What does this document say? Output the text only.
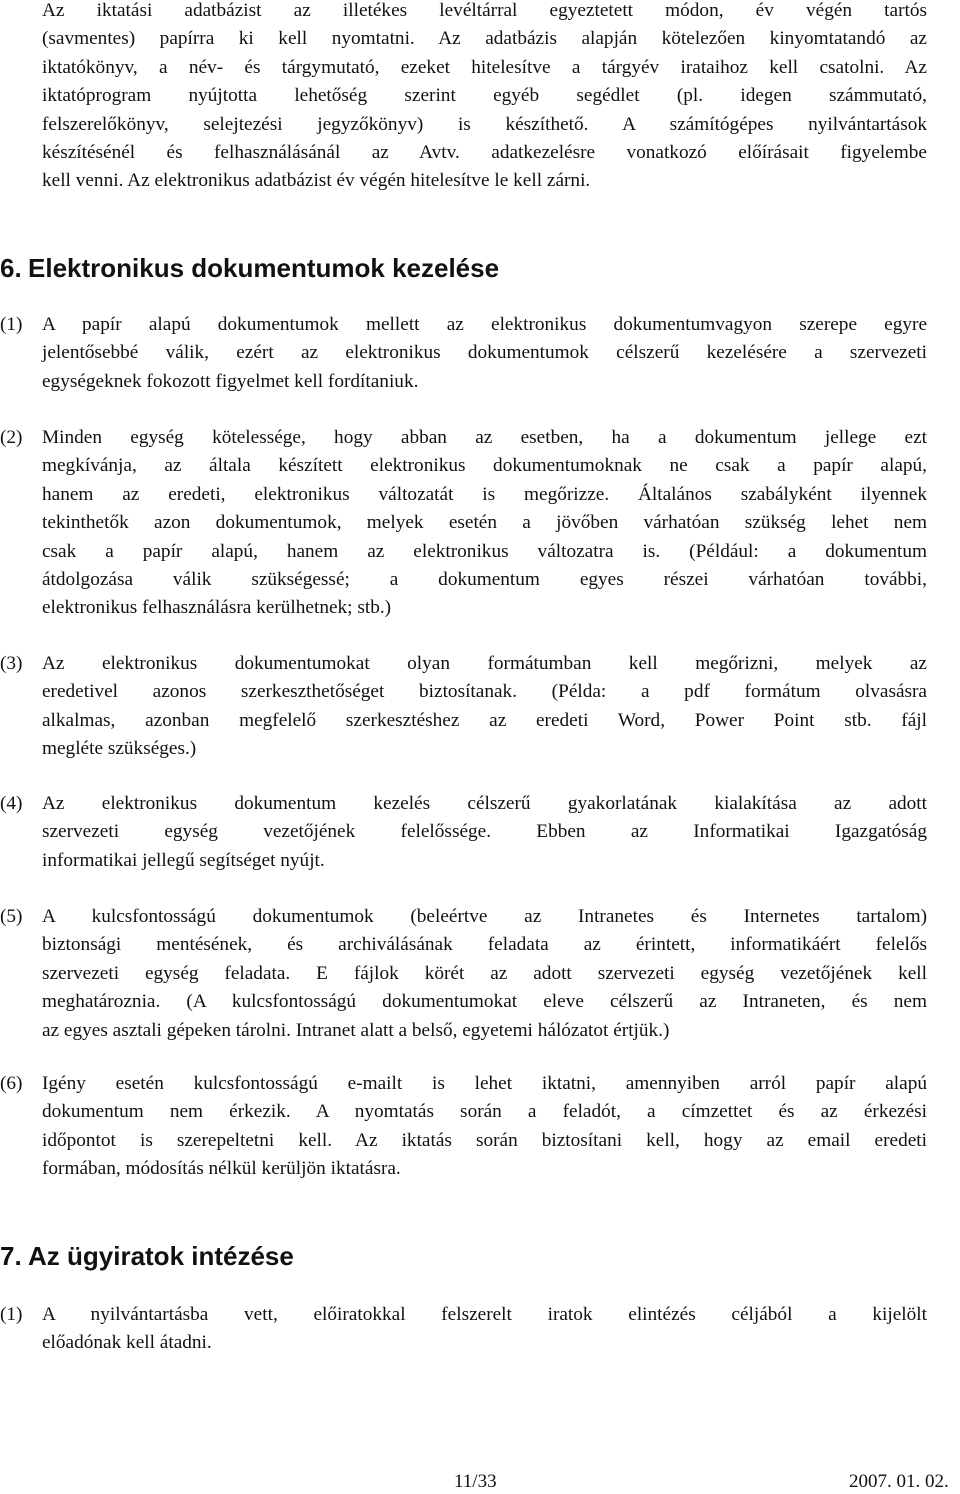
Az iktatási adatbázist az illetékes levéltárral egyeztetett módon, év végén tartós
(savmentes) papírra ki kell nyomtatni. Az adatbázis alapján kötelezően kinyomtatandó az
iktatókönyv, a név- és tárgymutató, ezeket hitelesítve a tárgyév irataihoz kell csatolni. Az
iktatóprogram nyújtotta lehetőség szerint egyéb segédlet (pl. idegen számmutató,
felszerelőkönyv, selejtezési jegyzőkönyv) is készíthető. A számítógépes nyilvántartások
készítésénél és felhasználásánál az Avtv. adatkezelésre vonatkozó előírásait figyelembe
kell venni. Az elektronikus adatbázist év végén hitelesítve le kell zárni.
6. Elektronikus dokumentumok kezelése
(1)	A papír alapú dokumentumok mellett az elektronikus dokumentumvagyon szerepe egyre
jelentősebbé válik, ezért az elektronikus dokumentumok célszerű kezelésére a szervezeti
egységeknek fokozott figyelmet kell fordítaniuk.
(2)	Minden egység kötelessége, hogy abban az esetben, ha a dokumentum jellege ezt
megkívánja, az általa készített elektronikus dokumentumoknak ne csak a papír alapú,
hanem az eredeti, elektronikus változatát is megőrizze. Általános szabályként ilyennek
tekinthetők azon dokumentumok, melyek esetén a jövőben várhatóan szükség lehet nem
csak a papír alapú, hanem az elektronikus változatra is. (Például: a dokumentum
átdolgozása válik szükségessé; a dokumentum egyes részei várhatóan további,
elektronikus felhasználásra kerülhetnek; stb.)
(3)	Az elektronikus dokumentumokat olyan formátumban kell megőrizni, melyek az
eredetivel azonos szerkeszthetőséget biztosítanak. (Példa: a pdf formátum olvasásra
alkalmas, azonban megfelelő szerkesztéshez az eredeti Word, Power Point stb. fájl
megléte szükséges.)
(4)	Az elektronikus dokumentum kezelés célszerű gyakorlatának kialakítása az adott
szervezeti egység vezetőjének felelőssége. Ebben az Informatikai Igazgatóság
informatikai jellegű segítséget nyújt.
(5)	A kulcsfontosságú dokumentumok (beleértve az Intranetes és Internetes tartalom)
biztonsági mentésének, és archiválásának feladata az érintett, informatikáért felelős
szervezeti egység feladata. E fájlok körét az adott szervezeti egység vezetőjének kell
meghatároznia. (A kulcsfontosságú dokumentumokat eleve célszerű az Intraneten, és nem
az egyes asztali gépeken tárolni. Intranet alatt a belső, egyetemi hálózatot értjük.)
(6)	Igény esetén kulcsfontosságú e-mailt is lehet iktatni, amennyiben arról papír alapú
dokumentum nem érkezik. A nyomtatás során a feladót, a címzettet és az érkezési
időpontot is szerepeltetni kell. Az iktatás során biztosítani kell, hogy az email eredeti
formában, módosítás nélkül kerüljön iktatásra.
7. Az ügyiratok intézése
(1)	A nyilvántartásba vett, előiratokkal felszerelt iratok elintézés céljából a kijelölt
előadónak kell átadni.
11/33	2007. 01. 02.
